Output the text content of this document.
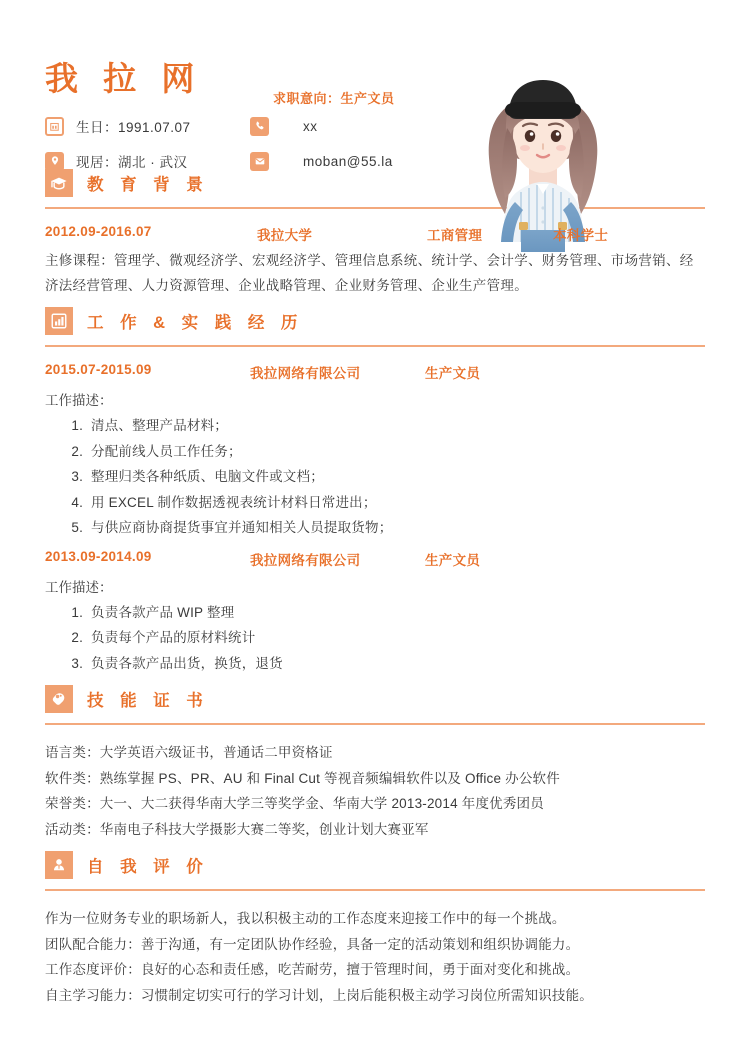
我 拉 网
求职意向：生产文员
生日：1991.07.07	xx
现居：湖北 · 武汉	moban@55.la
教 育 背 景
2012.09-2016.07	我拉大学	工商管理	本科学士
主修课程：管理学、微观经济学、宏观经济学、管理信息系统、统计学、会计学、财务管理、市场营销、经济法经营管理、人力资源管理、企业战略管理、企业财务管理、企业生产管理。
工 作 & 实 践 经 历
2015.07-2015.09	我拉网络有限公司	生产文员
工作描述：
1. 清点、整理产品材料；
2. 分配前线人员工作任务；
3. 整理归类各种纸质、电脑文件或文档；
4. 用 EXCEL 制作数据透视表统计材料日常进出；
5. 与供应商协商提货事宜并通知相关人员提取货物；
2013.09-2014.09	我拉网络有限公司	生产文员
工作描述：
1. 负责各款产品 WIP 整理
2. 负责每个产品的原材料统计
3. 负责各款产品出货，换货，退货
技 能 证 书
语言类：大学英语六级证书，普通话二甲资格证
软件类：熟练掌握 PS、PR、AU 和 Final Cut 等视音频编辑软件以及 Office 办公软件
荣誉类：大一、大二获得华南大学三等奖学金、华南大学 2013-2014 年度优秀团员
活动类：华南电子科技大学摄影大赛二等奖，创业计划大赛亚军
自 我 评 价
作为一位财务专业的职场新人，我以积极主动的工作态度来迎接工作中的每一个挑战。
团队配合能力：善于沟通，有一定团队协作经验，具备一定的活动策划和组织协调能力。
工作态度评价：良好的心态和责任感，吃苦耐劳，擅于管理时间，勇于面对变化和挑战。
自主学习能力：习惯制定切实可行的学习计划，上岗后能积极主动学习岗位所需知识技能。
